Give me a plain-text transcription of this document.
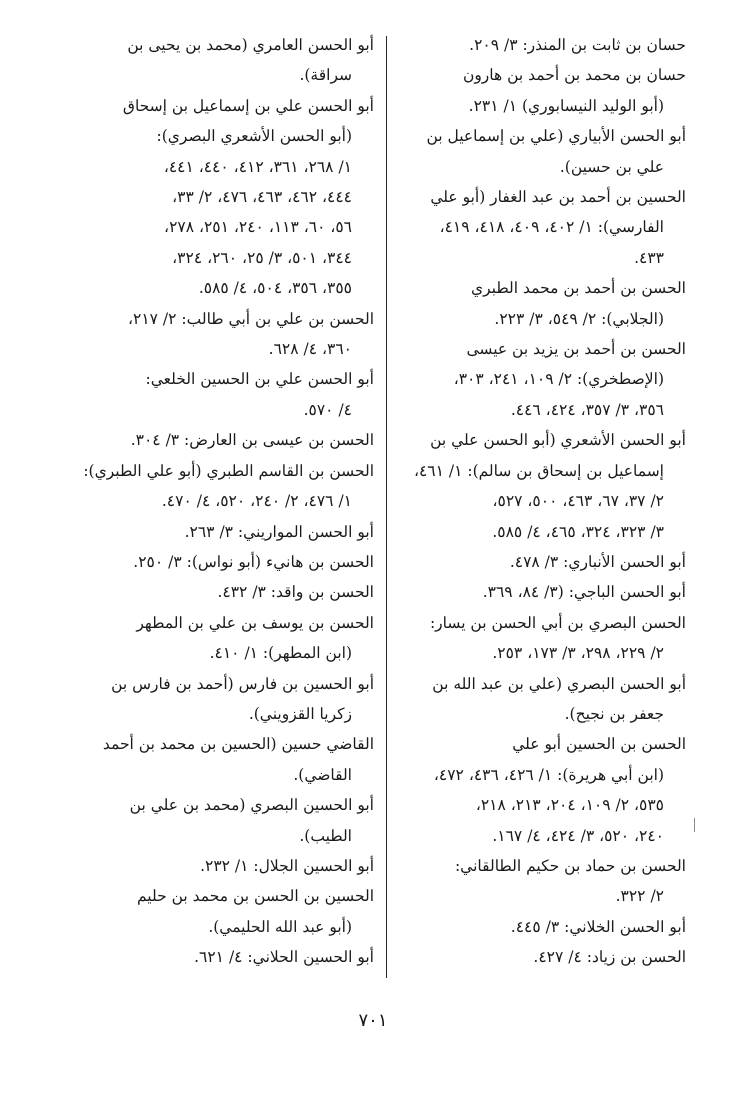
حسان بن ثابت بن المنذر: ٣/ ٢٠٩.
حسان بن محمد بن أحمد بن هارون
(أبو الوليد النيسابوري) ١/ ٢٣١.
أبو الحسن الأبياري (علي بن إسماعيل بن
علي بن حسين).
الحسين بن أحمد بن عبد الغفار (أبو علي
الفارسي): ١/ ٤٠٢، ٤٠٩، ٤١٨، ٤١٩،
٤٣٣.
الحسن بن أحمد بن محمد الطبري
(الجلابي): ٢/ ٥٤٩، ٣/ ٢٢٣.
الحسن بن أحمد بن يزيد بن عيسى
(الإصطخري): ٢/ ١٠٩، ٢٤١، ٣٠٣،
٣٥٦، ٣/ ٣٥٧، ٤٢٤، ٤٤٦.
أبو الحسن الأشعري (أبو الحسن علي بن
إسماعيل بن إسحاق بن سالم): ١/ ٤٦١،
٢/ ٣٧، ٦٧، ٤٦٣، ٥٠٠، ٥٢٧،
٣/ ٣٢٣، ٣٢٤، ٤٦٥، ٤/ ٥٨٥.
أبو الحسن الأنباري: ٣/ ٤٧٨.
أبو الحسن الباجي: (٣/ ٨٤، ٣٦٩.
الحسن البصري بن أبي الحسن بن يسار:
٢/ ٢٢٩، ٢٩٨، ٣/ ١٧٣، ٢٥٣.
أبو الحسن البصري (علي بن عبد الله بن
جعفر بن نجيح).
الحسن بن الحسين أبو علي
(ابن أبي هريرة): ١/ ٤٢٦، ٤٣٦، ٤٧٢،
٥٣٥، ٢/ ١٠٩، ٢٠٤، ٢١٣، ٢١٨،
٢٤٠، ٥٢٠، ٣/ ٤٢٤، ٤/ ١٦٧.
الحسن بن حماد بن حكيم الطالقاني:
٢/ ٣٢٢.
أبو الحسن الخلاني: ٣/ ٤٤٥.
الحسن بن زياد: ٤/ ٤٢٧.
أبو الحسن العامري (محمد بن يحيى بن
سراقة).
أبو الحسن علي بن إسماعيل بن إسحاق
(أبو الحسن الأشعري البصري):
١/ ٢٦٨، ٣٦١، ٤١٢، ٤٤٠، ٤٤١،
٤٤٤، ٤٦٢، ٤٦٣، ٤٧٦، ٢/ ٣٣،
٥٦، ٦٠، ١١٣، ٢٤٠، ٢٥١، ٢٧٨،
٣٤٤، ٥٠١، ٣/ ٢٥، ٢٦٠، ٣٢٤،
٣٥٥، ٣٥٦، ٥٠٤، ٤/ ٥٨٥.
الحسن بن علي بن أبي طالب: ٢/ ٢١٧،
٣٦٠، ٤/ ٦٢٨.
أبو الحسن علي بن الحسين الخلعي:
٤/ ٥٧٠.
الحسن بن عيسى بن العارض: ٣/ ٣٠٤.
الحسن بن القاسم الطبري (أبو علي الطبري):
١/ ٤٧٦، ٢/ ٢٤٠، ٥٢٠، ٤/ ٤٧٠.
أبو الحسن المواريني: ٣/ ٢٦٣.
الحسن بن هانيء (أبو نواس): ٣/ ٢٥٠.
الحسن بن واقد: ٣/ ٤٣٢.
الحسن بن يوسف بن علي بن المطهر
(ابن المطهر): ١/ ٤١٠.
أبو الحسين بن فارس (أحمد بن فارس بن
زكريا القزويني).
القاضي حسين (الحسين بن محمد بن أحمد
القاضي).
أبو الحسين البصري (محمد بن علي بن
الطيب).
أبو الحسين الجلال: ١/ ٢٣٢.
الحسين بن الحسن بن محمد بن حليم
(أبو عبد الله الحليمي).
أبو الحسين الحلاني: ٤/ ٦٢١.
٧٠١
